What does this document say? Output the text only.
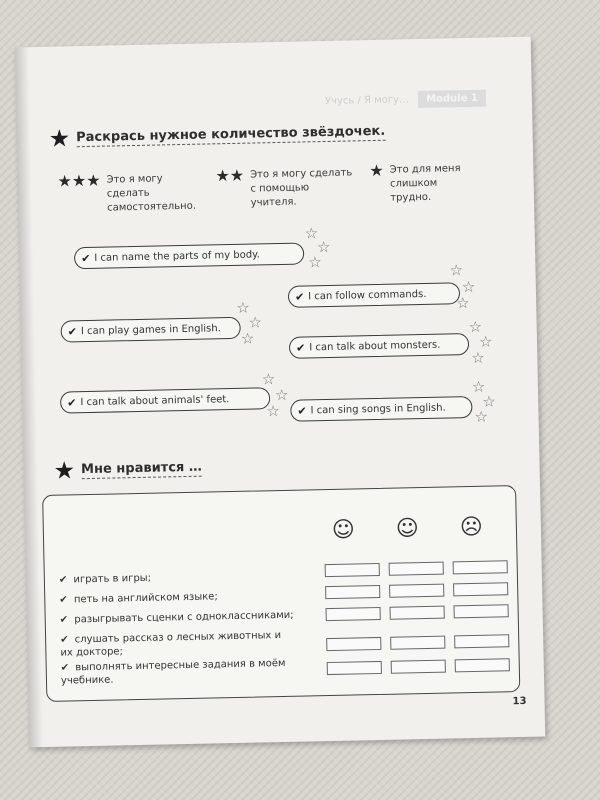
Учусь / Я могу… Module 1
★ Раскрась нужное количество звёздочек.
★★★ Это я могу сделать самостоятельно.
★★ Это я могу сделать с помощью учителя.
★ Это для меня слишком трудно.
✔ I can name the parts of my body.
☆
☆
☆
✔ I can follow commands.
☆
☆
☆
✔ I can play games in English.
☆
☆
☆	✔ I can talk about monsters.
☆
☆
☆
✔ I can talk about animals' feet.
☆
☆
☆ ✔ I can sing songs in English.
☆
☆
☆
★ Мне нравится …
☺ ☺ ☹
✔ играть в игры;
✔ петь на английском языке;
✔ разыгрывать сценки с одноклассниками;
✔ слушать рассказ о лесных животных и их докторе;
✔ выполнять интересные задания в моём учебнике.
13
